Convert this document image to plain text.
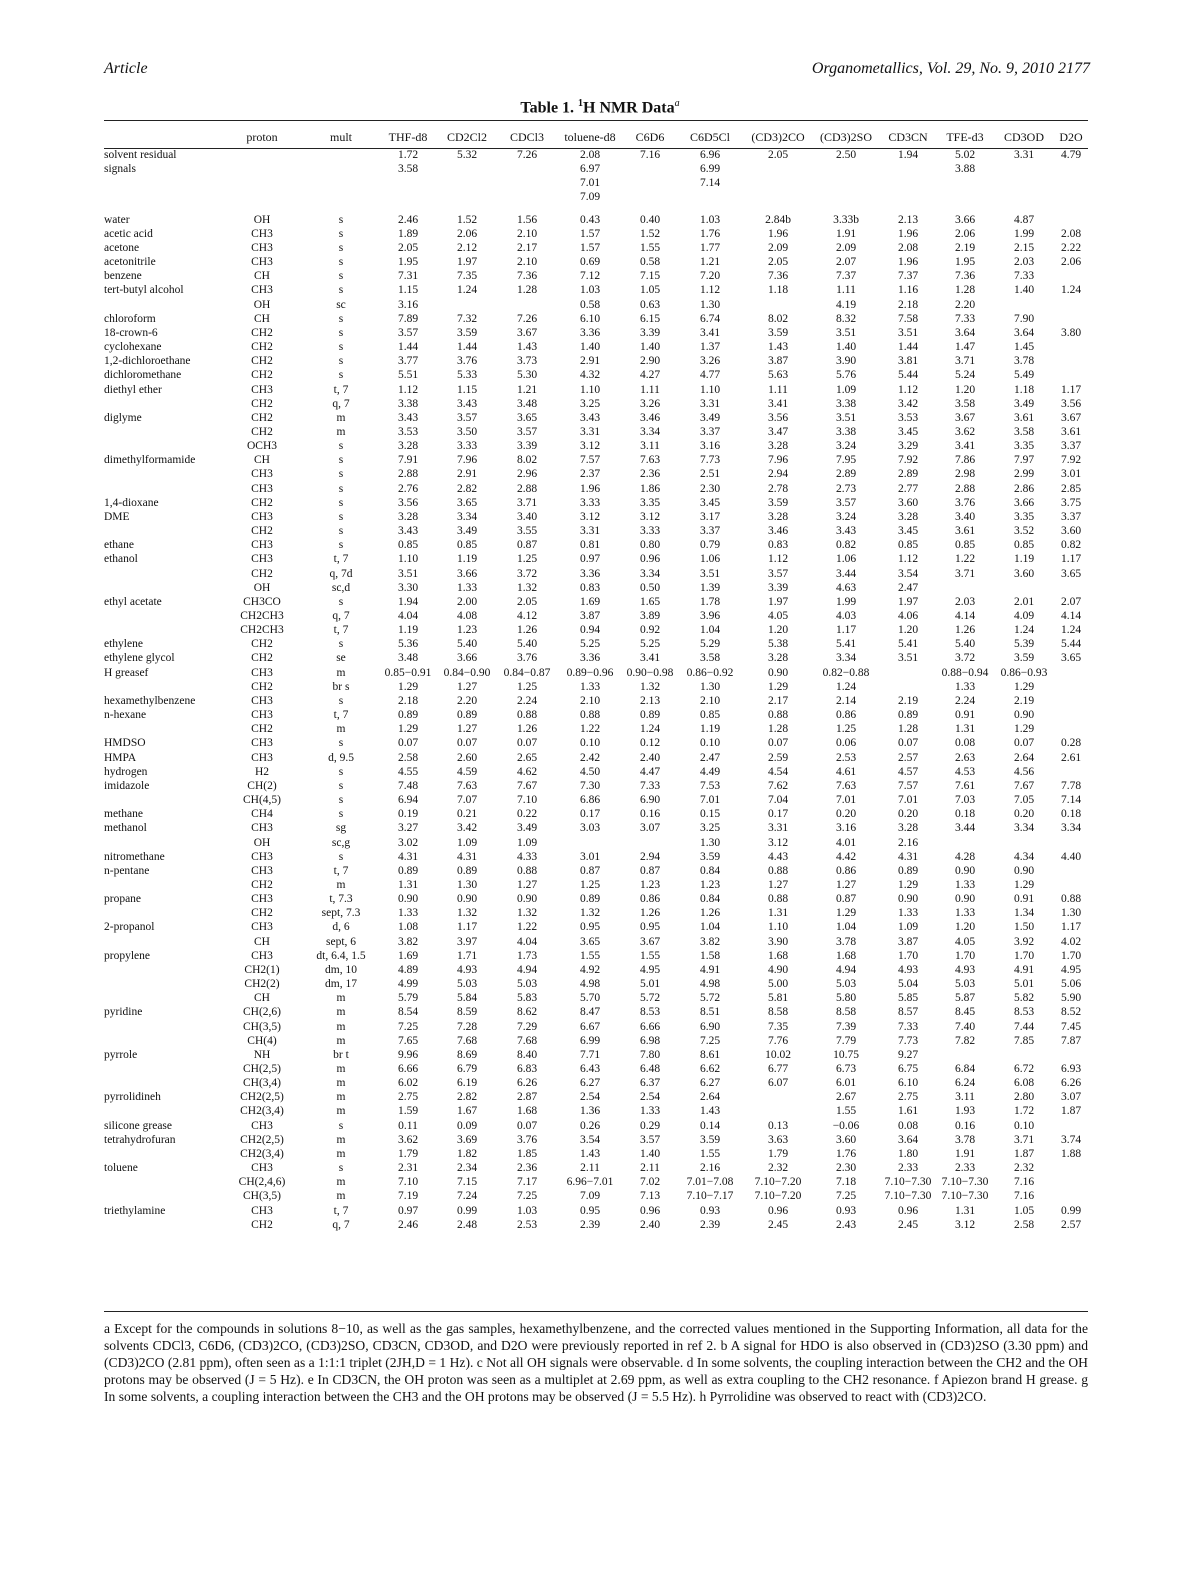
Article	Organometallics, Vol. 29, No. 9, 2010 2177
Table 1. $^1$H NMR Data$^a$
	proton	mult	THF-d8	CD2Cl2	CDCl3	toluene-d8	C6D6	C6D5Cl	(CD3)2CO	(CD3)2SO	CD3CN	TFE-d3	CD3OD	D2O
solvent residual			1.72	5.32	7.26	2.08	7.16	6.96	2.05	2.50	1.94	5.02	3.31	4.79
signals			3.58			6.97		6.99				3.88		
						7.01		7.14						
						7.09								

water	OH	s	2.46	1.52	1.56	0.43	0.40	1.03	2.84b	3.33b	2.13	3.66	4.87	
acetic acid	CH3	s	1.89	2.06	2.10	1.57	1.52	1.76	1.96	1.91	1.96	2.06	1.99	2.08
acetone	CH3	s	2.05	2.12	2.17	1.57	1.55	1.77	2.09	2.09	2.08	2.19	2.15	2.22
acetonitrile	CH3	s	1.95	1.97	2.10	0.69	0.58	1.21	2.05	2.07	1.96	1.95	2.03	2.06
benzene	CH	s	7.31	7.35	7.36	7.12	7.15	7.20	7.36	7.37	7.37	7.36	7.33	
tert-butyl alcohol	CH3	s	1.15	1.24	1.28	1.03	1.05	1.12	1.18	1.11	1.16	1.28	1.40	1.24
	OH	sc	3.16			0.58	0.63	1.30		4.19	2.18	2.20		
chloroform	CH	s	7.89	7.32	7.26	6.10	6.15	6.74	8.02	8.32	7.58	7.33	7.90	
18-crown-6	CH2	s	3.57	3.59	3.67	3.36	3.39	3.41	3.59	3.51	3.51	3.64	3.64	3.80
cyclohexane	CH2	s	1.44	1.44	1.43	1.40	1.40	1.37	1.43	1.40	1.44	1.47	1.45	
1,2-dichloroethane	CH2	s	3.77	3.76	3.73	2.91	2.90	3.26	3.87	3.90	3.81	3.71	3.78	
dichloromethane	CH2	s	5.51	5.33	5.30	4.32	4.27	4.77	5.63	5.76	5.44	5.24	5.49	
diethyl ether	CH3	t, 7	1.12	1.15	1.21	1.10	1.11	1.10	1.11	1.09	1.12	1.20	1.18	1.17
	CH2	q, 7	3.38	3.43	3.48	3.25	3.26	3.31	3.41	3.38	3.42	3.58	3.49	3.56
diglyme	CH2	m	3.43	3.57	3.65	3.43	3.46	3.49	3.56	3.51	3.53	3.67	3.61	3.67
	CH2	m	3.53	3.50	3.57	3.31	3.34	3.37	3.47	3.38	3.45	3.62	3.58	3.61
	OCH3	s	3.28	3.33	3.39	3.12	3.11	3.16	3.28	3.24	3.29	3.41	3.35	3.37
dimethylformamide	CH	s	7.91	7.96	8.02	7.57	7.63	7.73	7.96	7.95	7.92	7.86	7.97	7.92
	CH3	s	2.88	2.91	2.96	2.37	2.36	2.51	2.94	2.89	2.89	2.98	2.99	3.01
	CH3	s	2.76	2.82	2.88	1.96	1.86	2.30	2.78	2.73	2.77	2.88	2.86	2.85
1,4-dioxane	CH2	s	3.56	3.65	3.71	3.33	3.35	3.45	3.59	3.57	3.60	3.76	3.66	3.75
DME	CH3	s	3.28	3.34	3.40	3.12	3.12	3.17	3.28	3.24	3.28	3.40	3.35	3.37
	CH2	s	3.43	3.49	3.55	3.31	3.33	3.37	3.46	3.43	3.45	3.61	3.52	3.60
ethane	CH3	s	0.85	0.85	0.87	0.81	0.80	0.79	0.83	0.82	0.85	0.85	0.85	0.82
ethanol	CH3	t, 7	1.10	1.19	1.25	0.97	0.96	1.06	1.12	1.06	1.12	1.22	1.19	1.17
	CH2	q, 7d	3.51	3.66	3.72	3.36	3.34	3.51	3.57	3.44	3.54	3.71	3.60	3.65
	OH	sc,d	3.30	1.33	1.32	0.83	0.50	1.39	3.39	4.63	2.47			
ethyl acetate	CH3CO	s	1.94	2.00	2.05	1.69	1.65	1.78	1.97	1.99	1.97	2.03	2.01	2.07
	CH2CH3	q, 7	4.04	4.08	4.12	3.87	3.89	3.96	4.05	4.03	4.06	4.14	4.09	4.14
	CH2CH3	t, 7	1.19	1.23	1.26	0.94	0.92	1.04	1.20	1.17	1.20	1.26	1.24	1.24
ethylene	CH2	s	5.36	5.40	5.40	5.25	5.25	5.29	5.38	5.41	5.41	5.40	5.39	5.44
ethylene glycol	CH2	se	3.48	3.66	3.76	3.36	3.41	3.58	3.28	3.34	3.51	3.72	3.59	3.65
H greasef	CH3	m	0.85−0.91	0.84−0.90	0.84−0.87	0.89−0.96	0.90−0.98	0.86−0.92	0.90	0.82−0.88		0.88−0.94	0.86−0.93	
	CH2	br s	1.29	1.27	1.25	1.33	1.32	1.30	1.29	1.24		1.33	1.29	
hexamethylbenzene	CH3	s	2.18	2.20	2.24	2.10	2.13	2.10	2.17	2.14	2.19	2.24	2.19	
n-hexane	CH3	t, 7	0.89	0.89	0.88	0.88	0.89	0.85	0.88	0.86	0.89	0.91	0.90	
	CH2	m	1.29	1.27	1.26	1.22	1.24	1.19	1.28	1.25	1.28	1.31	1.29	
HMDSO	CH3	s	0.07	0.07	0.07	0.10	0.12	0.10	0.07	0.06	0.07	0.08	0.07	0.28
HMPA	CH3	d, 9.5	2.58	2.60	2.65	2.42	2.40	2.47	2.59	2.53	2.57	2.63	2.64	2.61
hydrogen	H2	s	4.55	4.59	4.62	4.50	4.47	4.49	4.54	4.61	4.57	4.53	4.56	
imidazole	CH(2)	s	7.48	7.63	7.67	7.30	7.33	7.53	7.62	7.63	7.57	7.61	7.67	7.78
	CH(4,5)	s	6.94	7.07	7.10	6.86	6.90	7.01	7.04	7.01	7.01	7.03	7.05	7.14
methane	CH4	s	0.19	0.21	0.22	0.17	0.16	0.15	0.17	0.20	0.20	0.18	0.20	0.18
methanol	CH3	sg	3.27	3.42	3.49	3.03	3.07	3.25	3.31	3.16	3.28	3.44	3.34	3.34
	OH	sc,g	3.02	1.09	1.09			1.30	3.12	4.01	2.16			
nitromethane	CH3	s	4.31	4.31	4.33	3.01	2.94	3.59	4.43	4.42	4.31	4.28	4.34	4.40
n-pentane	CH3	t, 7	0.89	0.89	0.88	0.87	0.87	0.84	0.88	0.86	0.89	0.90	0.90	
	CH2	m	1.31	1.30	1.27	1.25	1.23	1.23	1.27	1.27	1.29	1.33	1.29	
propane	CH3	t, 7.3	0.90	0.90	0.90	0.89	0.86	0.84	0.88	0.87	0.90	0.90	0.91	0.88
	CH2	sept, 7.3	1.33	1.32	1.32	1.32	1.26	1.26	1.31	1.29	1.33	1.33	1.34	1.30
2-propanol	CH3	d, 6	1.08	1.17	1.22	0.95	0.95	1.04	1.10	1.04	1.09	1.20	1.50	1.17
	CH	sept, 6	3.82	3.97	4.04	3.65	3.67	3.82	3.90	3.78	3.87	4.05	3.92	4.02
propylene	CH3	dt, 6.4, 1.5	1.69	1.71	1.73	1.55	1.55	1.58	1.68	1.68	1.70	1.70	1.70	1.70
	CH2(1)	dm, 10	4.89	4.93	4.94	4.92	4.95	4.91	4.90	4.94	4.93	4.93	4.91	4.95
	CH2(2)	dm, 17	4.99	5.03	5.03	4.98	5.01	4.98	5.00	5.03	5.04	5.03	5.01	5.06
	CH	m	5.79	5.84	5.83	5.70	5.72	5.72	5.81	5.80	5.85	5.87	5.82	5.90
pyridine	CH(2,6)	m	8.54	8.59	8.62	8.47	8.53	8.51	8.58	8.58	8.57	8.45	8.53	8.52
	CH(3,5)	m	7.25	7.28	7.29	6.67	6.66	6.90	7.35	7.39	7.33	7.40	7.44	7.45
	CH(4)	m	7.65	7.68	7.68	6.99	6.98	7.25	7.76	7.79	7.73	7.82	7.85	7.87
pyrrole	NH	br t	9.96	8.69	8.40	7.71	7.80	8.61	10.02	10.75	9.27			
	CH(2,5)	m	6.66	6.79	6.83	6.43	6.48	6.62	6.77	6.73	6.75	6.84	6.72	6.93
	CH(3,4)	m	6.02	6.19	6.26	6.27	6.37	6.27	6.07	6.01	6.10	6.24	6.08	6.26
pyrrolidineh	CH2(2,5)	m	2.75	2.82	2.87	2.54	2.54	2.64		2.67	2.75	3.11	2.80	3.07
	CH2(3,4)	m	1.59	1.67	1.68	1.36	1.33	1.43		1.55	1.61	1.93	1.72	1.87
silicone grease	CH3	s	0.11	0.09	0.07	0.26	0.29	0.14	0.13	−0.06	0.08	0.16	0.10	
tetrahydrofuran	CH2(2,5)	m	3.62	3.69	3.76	3.54	3.57	3.59	3.63	3.60	3.64	3.78	3.71	3.74
	CH2(3,4)	m	1.79	1.82	1.85	1.43	1.40	1.55	1.79	1.76	1.80	1.91	1.87	1.88
toluene	CH3	s	2.31	2.34	2.36	2.11	2.11	2.16	2.32	2.30	2.33	2.33	2.32	
	CH(2,4,6)	m	7.10	7.15	7.17	6.96−7.01	7.02	7.01−7.08	7.10−7.20	7.18	7.10−7.30	7.10−7.30	7.16	
	CH(3,5)	m	7.19	7.24	7.25	7.09	7.13	7.10−7.17	7.10−7.20	7.25	7.10−7.30	7.10−7.30	7.16	
triethylamine	CH3	t, 7	0.97	0.99	1.03	0.95	0.96	0.93	0.96	0.93	0.96	1.31	1.05	0.99
	CH2	q, 7	2.46	2.48	2.53	2.39	2.40	2.39	2.45	2.43	2.45	3.12	2.58	2.57
a Except for the compounds in solutions 8−10, as well as the gas samples, hexamethylbenzene, and the corrected values mentioned in the Supporting Information, all data for the solvents CDCl3, C6D6, (CD3)2CO, (CD3)2SO, CD3CN, CD3OD, and D2O were previously reported in ref 2. b A signal for HDO is also observed in (CD3)2SO (3.30 ppm) and (CD3)2CO (2.81 ppm), often seen as a 1:1:1 triplet (2JH,D = 1 Hz). c Not all OH signals were observable. d In some solvents, the coupling interaction between the CH2 and the OH protons may be observed (J = 5 Hz). e In CD3CN, the OH proton was seen as a multiplet at 2.69 ppm, as well as extra coupling to the CH2 resonance. f Apiezon brand H grease. g In some solvents, a coupling interaction between the CH3 and the OH protons may be observed (J = 5.5 Hz). h Pyrrolidine was observed to react with (CD3)2CO.
